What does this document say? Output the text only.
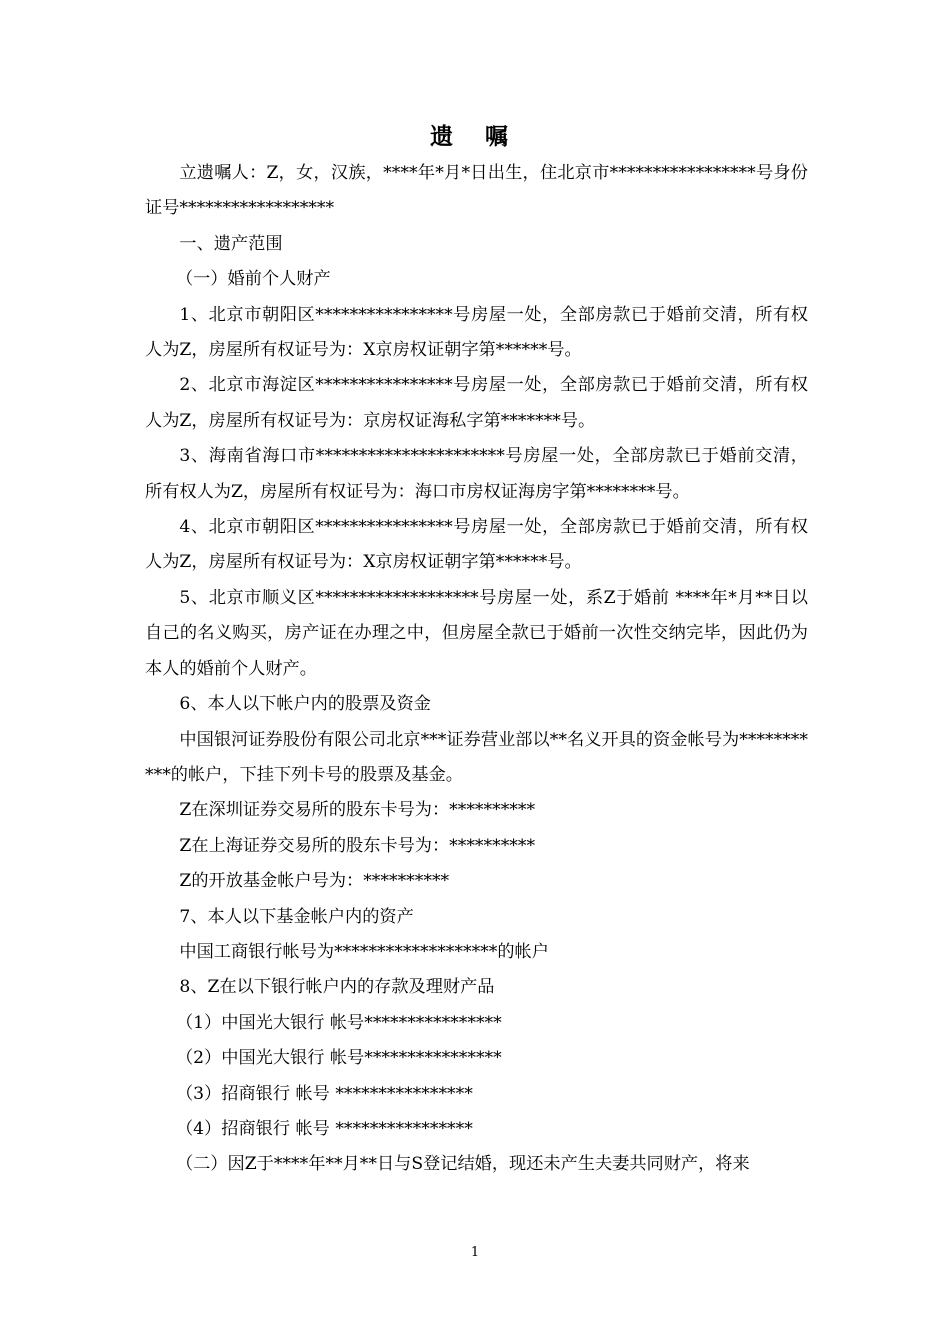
遗 嘱

立遗嘱人：Z，女，汉族，****年*月*日出生，住北京市*****************号身份证号******************

一、遗产范围

（一）婚前个人财产

1、北京市朝阳区****************号房屋一处，全部房款已于婚前交清，所有权人为Z，房屋所有权证号为：X京房权证朝字第******号。

2、北京市海淀区****************号房屋一处，全部房款已于婚前交清，所有权人为Z，房屋所有权证号为：京房权证海私字第*******号。

3、海南省海口市**********************号房屋一处，全部房款已于婚前交清，所有权人为Z，房屋所有权证号为：海口市房权证海房字第********号。

4、北京市朝阳区****************号房屋一处，全部房款已于婚前交清，所有权人为Z，房屋所有权证号为：X京房权证朝字第******号。

5、北京市顺义区*******************号房屋一处，系Z于婚前 ****年*月**日以自己的名义购买，房产证在办理之中，但房屋全款已于婚前一次性交纳完毕，因此仍为本人的婚前个人财产。

6、本人以下帐户内的股票及资金

中国银河证券股份有限公司北京***证券营业部以**名义开具的资金帐号为***********的帐户，下挂下列卡号的股票及基金。

Z在深圳证券交易所的股东卡号为：**********

Z在上海证券交易所的股东卡号为：**********

Z的开放基金帐户号为：**********

7、本人以下基金帐户内的资产

中国工商银行帐号为*******************的帐户

8、Z在以下银行帐户内的存款及理财产品

（1）中国光大银行 帐号****************

（2）中国光大银行 帐号****************

（3）招商银行 帐号 ****************

（4）招商银行 帐号 ****************

（二）因Z于****年**月**日与S登记结婚，现还未产生夫妻共同财产，将来

1
